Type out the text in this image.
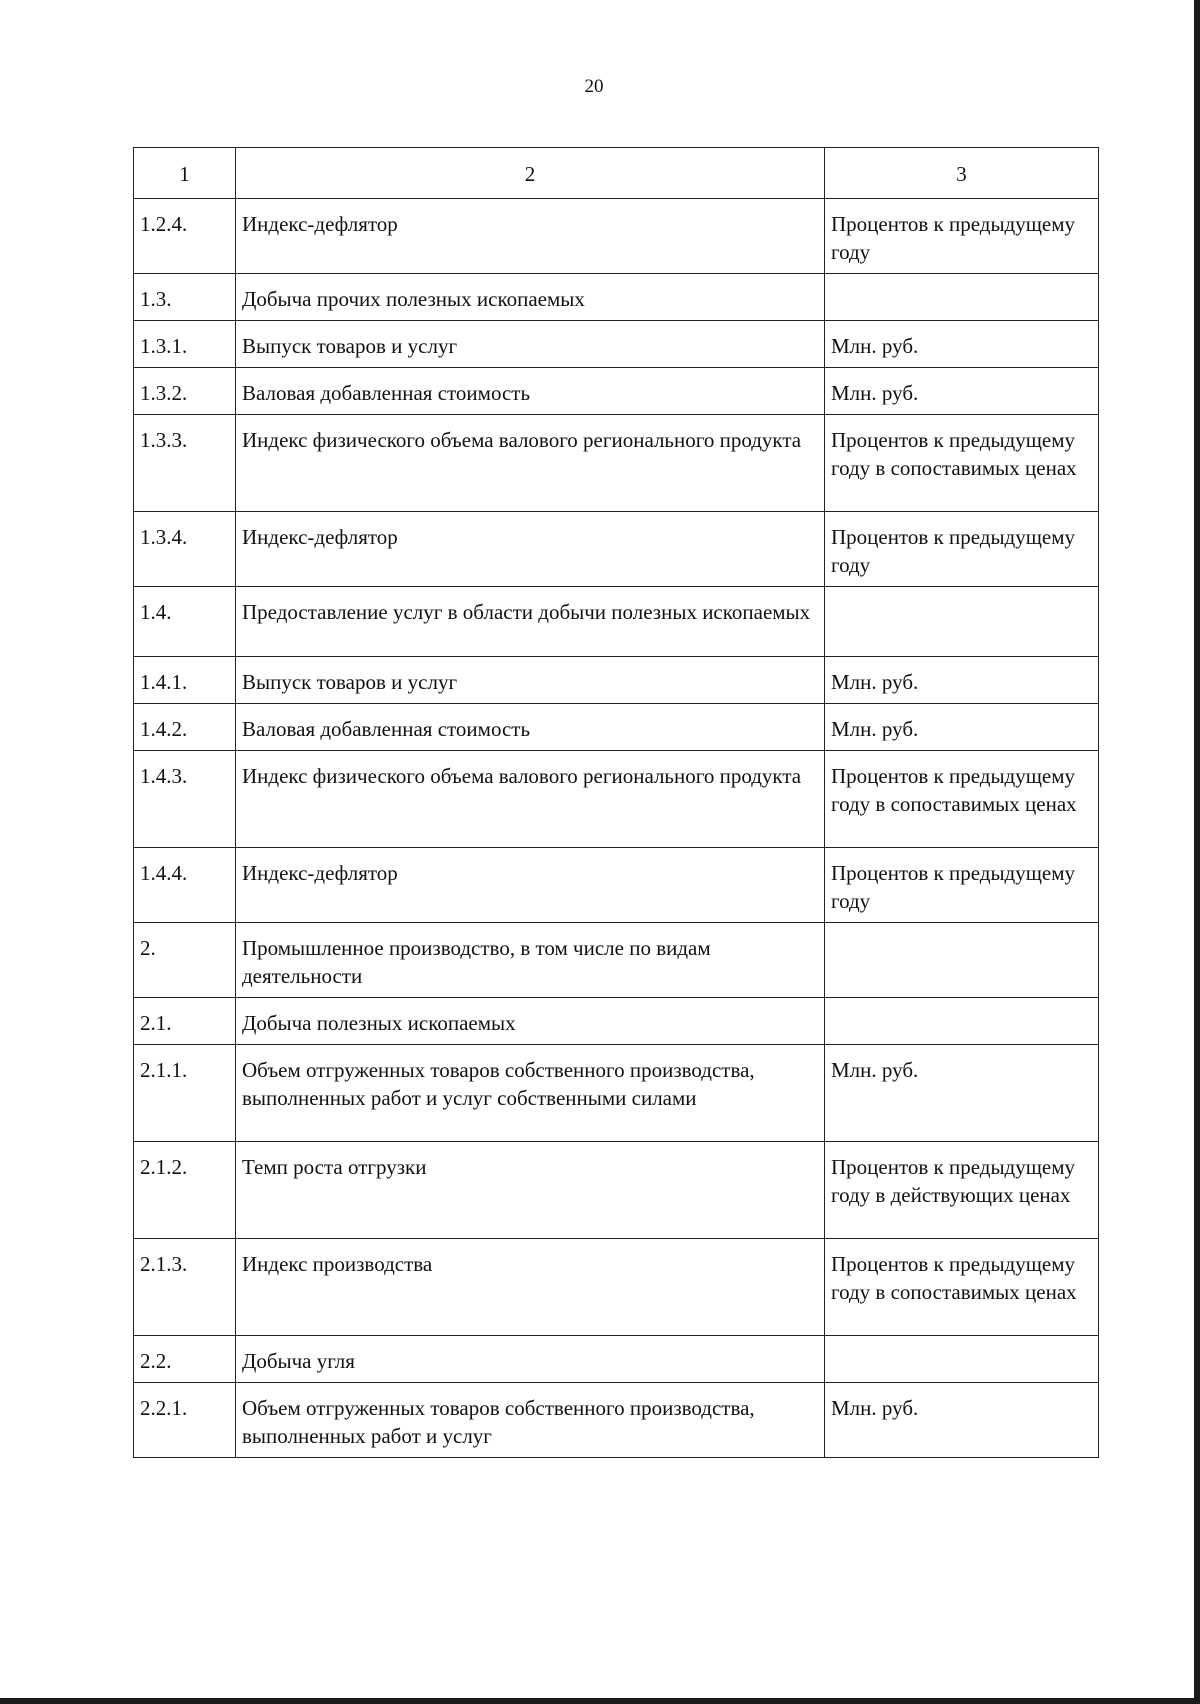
20
1	2	3
1.2.4.	Индекс-дефлятор	Процентов к предыдущему году
1.3.	Добыча прочих полезных ископаемых	
1.3.1.	Выпуск товаров и услуг	Млн. руб.
1.3.2.	Валовая добавленная стоимость	Млн. руб.
1.3.3.	Индекс физического объема валового регионального продукта	Процентов к предыдущему году в сопоставимых ценах
1.3.4.	Индекс-дефлятор	Процентов к предыдущему году
1.4.	Предоставление услуг в области добычи полезных ископаемых	
1.4.1.	Выпуск товаров и услуг	Млн. руб.
1.4.2.	Валовая добавленная стоимость	Млн. руб.
1.4.3.	Индекс физического объема валового регионального продукта	Процентов к предыдущему году в сопоставимых ценах
1.4.4.	Индекс-дефлятор	Процентов к предыдущему году
2.	Промышленное производство, в том числе по видам деятельности	
2.1.	Добыча полезных ископаемых	
2.1.1.	Объем отгруженных товаров собственного производства, выполненных работ и услуг собственными силами	Млн. руб.
2.1.2.	Темп роста отгрузки	Процентов к предыдущему году в действующих ценах
2.1.3.	Индекс производства	Процентов к предыдущему году в сопоставимых ценах
2.2.	Добыча угля	
2.2.1.	Объем отгруженных товаров собственного производства, выполненных работ и услуг	Млн. руб.
